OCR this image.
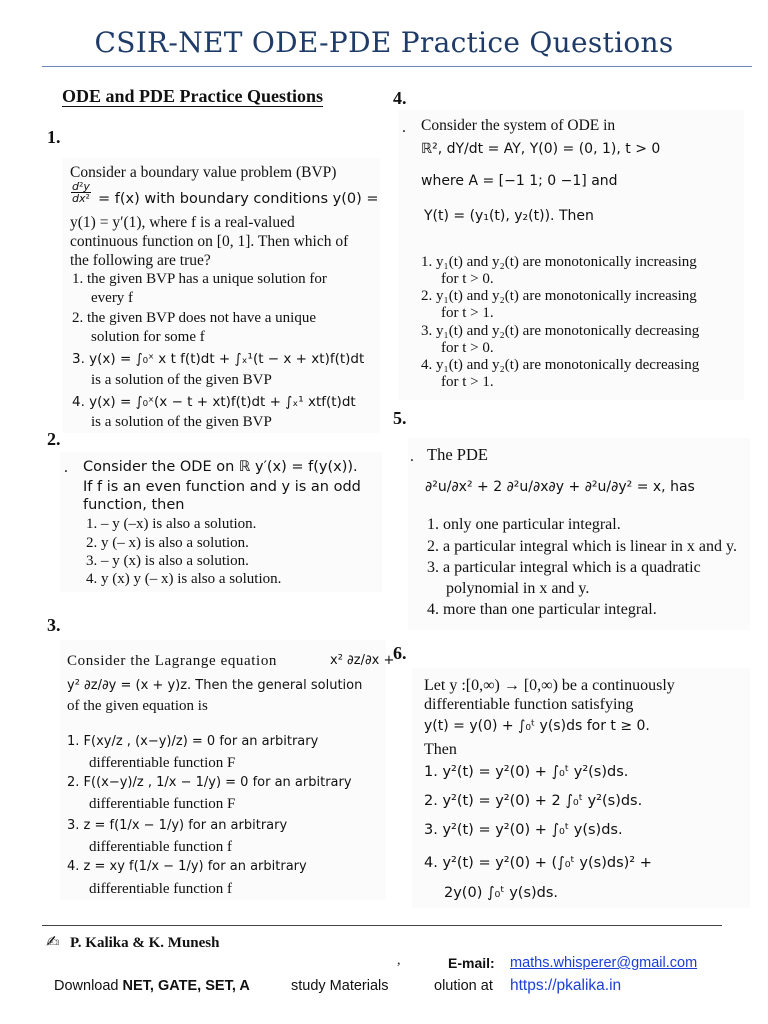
CSIR-NET ODE-PDE Practice Questions
ODE and PDE Practice Questions
1.
Consider a boundary value problem (BVP)
$\frac{\text{d²y}}{\text{dx²}} = f(x)$ with boundary conditions y(0) =
y(1) = y′(1), where f is a real-valued
continuous function on [0, 1]. Then which of
the following are true?
1. the given BVP has a unique solution for
every f
2. the given BVP does not have a unique
solution for some f
3. y(x) = ∫₀ˣ x t f(t)dt + ∫ₓ¹(t − x + xt)f(t)dt
is a solution of the given BVP
4. y(x) = ∫₀ˣ(x − t + xt)f(t)dt + ∫ₓ¹ xtf(t)dt
is a solution of the given BVP
2.
. Consider the ODE on ℝ y′(x) = f(y(x)).
If f is an even function and y is an odd
function, then
1. – y (–x) is also a solution.
2. y (– x) is also a solution.
3. – y (x) is also a solution.
4. y (x) y (– x) is also a solution.
3.
Consider the Lagrange equation	x² ∂z/∂x +
y² ∂z/∂y = (x + y)z. Then the general solution
of the given equation is
1. F(xy/z , (x−y)/z) = 0 for an arbitrary
differentiable function F
2. F((x−y)/z , 1/x − 1/y) = 0 for an arbitrary
differentiable function F
3. z = f(1/x − 1/y) for an arbitrary
differentiable function f
4. z = xy f(1/x − 1/y) for an arbitrary
differentiable function f
4.
. Consider the system of ODE in
ℝ², dY/dt = AY, Y(0) = (0, 1), t > 0
where A = [−1 1; 0 −1] and
Y(t) = (y₁(t), y₂(t)). Then
1. y₁(t) and y₂(t) are monotonically increasing
for t > 0.
2. y₁(t) and y₂(t) are monotonically increasing
for t > 1.
3. y₁(t) and y₂(t) are monotonically decreasing
for t > 0.
4. y₁(t) and y₂(t) are monotonically decreasing
for t > 1.
5.
. The PDE
∂²u/∂x² + 2 ∂²u/∂x∂y + ∂²u/∂y² = x, has
1. only one particular integral.
2. a particular integral which is linear in x and y.
3. a particular integral which is a quadratic
polynomial in x and y.
4. more than one particular integral.
6.
Let y :[0,∞) → [0,∞) be a continuously
differentiable function satisfying
y(t) = y(0) + ∫₀ᵗ y(s)ds for t ≥ 0.
Then
1. y²(t) = y²(0) + ∫₀ᵗ y²(s)ds.
2. y²(t) = y²(0) + 2 ∫₀ᵗ y²(s)ds.
3. y²(t) = y²(0) + ∫₀ᵗ y(s)ds.
4. y²(t) = y²(0) + (∫₀ᵗ y(s)ds)² +
2y(0) ∫₀ᵗ y(s)ds.
✍ P. Kalika & K. Munesh
,	E-mail: maths.whisperer@gmail.com
Download NET, GATE, SET, A	study Materials	olution at https://pkalika.in
